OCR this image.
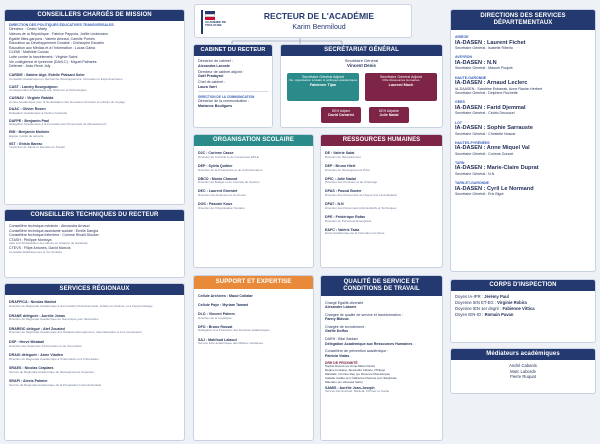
ACADÉMIE DE TOULOUSE
RECTEUR DE L'ACADÉMIE
Karim Benmiloud
CONSEILLERS CHARGÉS DE MISSION
DIRECTION DES POLITIQUES ÉDUCATIVES TRANSVERSALES
Directeur : Cédric Marty
Valeurs de la République : Fabrice Pappola, Joëlle Lindemann
Égalité filles-garçons : Valérie Arbraut, Camille Pomès
Éducation au Développement Durable : Christophe Escartin
Éducation aux Médias et à l'Information : Lucas Gaina
CLEMI : Mathilde Cuniac
Lutte contre la harcèlement : Virginie Salmi
Vie collégienne et lycéenne (DAVLC) : Miguel Palhares
Défense : Jean-René Joly
CARDIE : Sabine Algé, Estelle Plaisant Soler
Conseiller Académique en Recherche-Développement, Innovation et Expérimentation
CAST : Landry Bourguignon
Correspondant Académique aux Sciences et Technologies
CASNAV : Virginie Rabida
Centre Académique pour la Scolarisation des Nouveaux Arrivants et enfants du Voyage
DAAC : Olivier Rosen
Délégation Académique à l'Action Culturelle
DAFPE : Benjamin Paul
Délégation Académique à la Formation des Personnels de l'Encadrement
EMI : Benjamin Molinier
Équipe mobile de sécurité
IIST : Ghislo Barrac
Inspection de Santé et Sécurité au Travail
CONSEILLERS TECHNIQUES DU RECTEUR
Conseillère technique médecin : Alexandra Arnaud
Conseillère technique assistante sociale : Émilie Dangla
Conseillère technique infirmière : Corinne Rivalli-Stocker
CTASH : Philippe Montoya
Aide à la Scolarisation des élèves en situation de Handicap
CTEVS : Filipe Antunes, David Marcos
Conseiller Établissement et Vie Scolaire
SERVICES RÉGIONAUX
DRAFPICA : Nicolas Madiot
Direction de Régionale Académique à la Formation Professionnelle, Initiale et Continue, et à l'Apprentissage
DRANE déléguée : Aurélie Jonas
Direction de Régionale Académique du Numérique pour l'Éducation
DRAREIC délégué : Atef Zouaied
Direction de Régionale Académique des Relations Européennes, Internationales et à la Coopération
DSP : Hervé Mirabail
Direction des Systèmes d'Information et de l'Innovation
DRAIO déléguée : Anne Vladlen
Direction de Régionale Académique à l'Information et à l'Orientation
SRAES : Nicolas Crapiaes
Service de Régionale Académique de l'Enseignement Supérieur
SRAPI : Alexis Palmier
Service de Régionale Académique de la Préparation Interministérielle
CABINET DU RECTEUR
Directrice de cabinet :
Alexandra Lacoste
Directeur de cabinet adjoint :
Gaël Pradayrol
Chef de cabinet :
Laura Varri
DIRECTION DE LA COMMUNICATION
Directrice de la communication :
Marianne Bouligues
SECRÉTARIAT GÉNÉRAL
Secrétaire Général
Vincent Denis
Secrétaire Général Adjoint
Vie, organisation scolaire & politiques académiques
Fabienne Tijan
Secrétaire Général Adjoint
Pôle Ressources Humaines
Laurent Mach
DEH Adjoint
David Carrarini
DEH Adjointe
Julie Nadal
ORGANISATION SCOLAIRE
D2C : Corinne Casse
Direction de Contrôle et du Conseil aux EPLE
DEP : Sylvia Quibler
Direction de la Prospective et de la Performance
DBCO : Monia Chassot
Direction du Budget et du Contrôle de Gestion
DEC : Laurent Ginestet
Direction des Examens et Concours
DOS : Pascale Kous
Direction de l'Organisation Scolaire
RESSOURCES HUMAINES
DE : Valérie Salat
Direction de l'Encadrement
DEP : Bruno Hiert
Direction de l'Enseignement Privé
DPIC : Julie Nadal
Direction des Pensions et du Chômage
DPAS : Pascal Bonier
Direction des Personnels de l'Appui à la Centralisation
DPAT : N.N
Direction des Personnels Administratifs et Techniques
DPE : Frédérique Rofas
Direction du Personnel Enseignant
EAFC : Valérie Tazia
École Académique de la Formation Continue
SUPPORT ET EXPERTISE
Cellule Archives : Maud Collatar
Cellule Paye : Myriam Tamani
DLO : Vincent Palerm
Direction de la Logistique
DFO : Bruno Rossat
Délégation à la Protection des Données académiques
SAJ : Mahfoud Lalaoui
Service inter-académique des Affaires Juridiques
QUALITÉ DE SERVICE ET CONDITIONS DE TRAVAIL
Chargé Égalité-diversité
Alexandre Laborie
Chargée de qualité de service et transformation :
Fanny Bidoux
Chargée de recrutement :
Gaëlle Doffos
DARH : Bilal Saidani
Délégation Académique aux Ressources Humaines
Conseillère de prévention académique :
Patricia Vialas
DRH DE PROXIMITÉ
Sophie Deccot (ex Anne-Marie Panin)
Régine Fontaine, Alexandre Laborie, Philippe
Malvialle, Corinne Ray (ex Florence Mondouqou)
Isabelle Cadas (ex) Catherine Flamme (ex) Stéphanie
Maertam (ex Vanessa Saric)
SAMIS : Aurélie Jean-Joseph
Service Administratif, Médical, Infirmier et Social
DIRECTIONS DES SERVICES DÉPARTEMENTAUX
ARIÈGE
IA-DASEN : Laurent Fichet
Secrétaire Général : Isabelle Ribeiro
AVEYRON
IA-DASEN : N.N
Secrétaire Général : Manuel Poujols
HAUTE-GARONNE
IA-DASEN : Arnaud Leclerc
IA-DAASEN : Sandrine Esbarrak, Anne Rauhe-Herbert
Secrétaire Général : Delphine Rochette
GERS
IA-DASEN : Farid Djemmal
Secrétaire Général : Cédric Decouzel
LOT
IA-DASEN : Sophie Sarrauste
Secrétaire Général : Christelle Noscar
HAUTES-PYRÉNÉES
IA-DASEN : Anne Miquel Val
Secrétaire Général : Corinne Goncet
TARN
IA-DASEN : Marie-Claire Duprat
Secrétaire Général : N.N
TARN-ET-GARONNE
IA-DASEN : Cyril Le Normand
Secrétaire Général : Éric Bigot
CORPS D'INSPECTION
Doyen IA-IPR : Jérémy Paul
Doyenne IEN ET-EG : Virginie Robira
Doyenne IEN 1er degré : Fabienne Vittica
Doyen IEN-IO : Romain Pavan
Médiateurs académiques
André Cabanis
Marc Laborde
Pierre Ruquat
